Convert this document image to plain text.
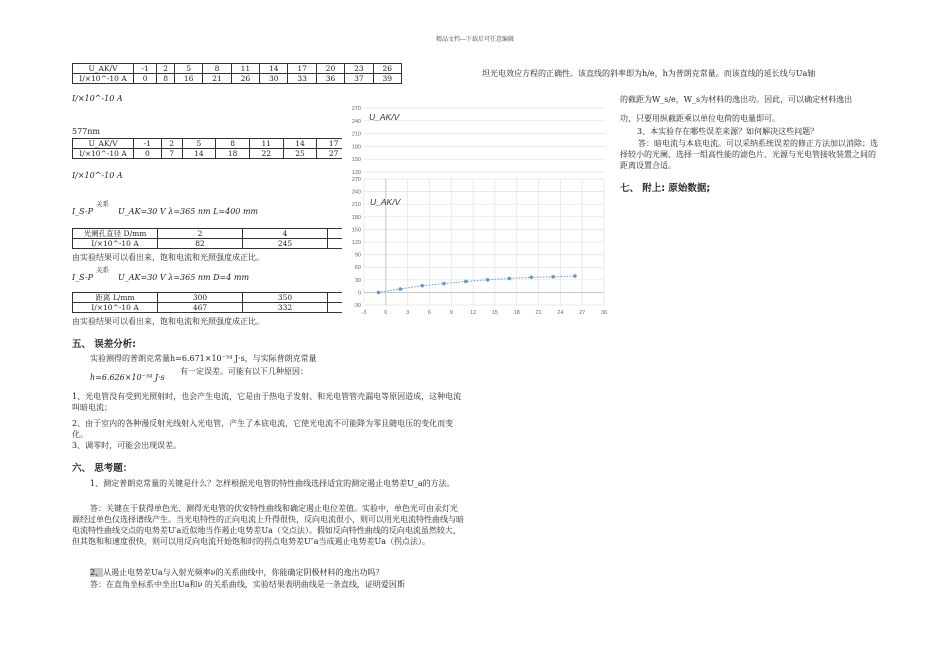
精品文档---下载后可任意编辑
U_AK/V	-1	2	5	8	11	14	17	20	23	26
I/×10^-10 A	0	8	16	21	26	30	33	36	37	39
I/×10^-10 A
577nm
U_AK/V	-1	2	5	8	11	14	17	2
I/×10^-10 A	0	7	14	18	22	25	27	2
I/×10^-10 A
I_S-P
关系
U_AK=30 V λ=365 nm L=400 mm
光阑孔直径 D/mm	2	4	
I/×10^-10 A	82	245	
由实验结果可以看出来，饱和电流和光照强度成正比。
I_S-P
关系
U_AK=30 V λ=365 nm D=4 mm
距离 L/mm	300	350	
I/×10^-10 A	467	332	
由实验结果可以看出来，饱和电流和光照强度成正比。
270
240
210
180
150
120
U_AK/V
270
240
210
180
150
120
90
60
30
0
-30
-3	0	3	6	9	12	15	18	21	24	27	30
U_AK/V
五、 误差分析:
实验测得的普朗克常量h=6.671×10⁻³⁴ J·s，与实际普朗克常量
h=6.626×10⁻³⁴ J·s
有一定误差。可能有以下几种原因：
1、光电管没有受到光照射时，也会产生电流，它是由于热电子发射、和光电管管壳漏电等原因造成，这种电流叫暗电流；
2、由于室内的各种漫反射光线射入光电管，产生了本底电流，它使光电流不可能降为零且随电压的变化而变化。
3、调零时，可能会出现误差。
六、 思考题：
1、测定普朗克常量的关键是什么？怎样根据光电管的特性曲线选择适宜的测定遏止电势差U_a的方法。
答：关键在于获得单色光、测得光电管的伏安特性曲线和确定遏止电位差值。实验中，单色光可由汞灯光源经过单色仪选择谱线产生。当光电特性的正向电流上升得很快，反向电流很小，则可以用光电流特性曲线与暗电流特性曲线交点的电势差U′a近似地当作遏止电势差Ua（交点法）。假如反向特性曲线的反向电流虽然较大，但其饱和和速度很快，则可以用反向电流开始饱和时的拐点电势差U″a当成遏止电势差Ua（拐点法）。
2、从遏止电势差Ua与入射光频率ν的关系曲线中，你能确定阴极材料的逸出功吗？
答：在直角坐标系中坐出Ua和ν 的关系曲线，实验结果表明曲线是一条直线，证明爱因斯
坦光电效应方程的正确性。该直线的斜率即为h/e，h为普朗克常量。而该直线的延长线与Ua轴
的截距为W_s/e，W_s为材料的逸出功。因此，可以确定材料逸出
功，只要用纵截距乘以单位电荷的电量即可。
3、本实验存在哪些误差来源？如何解决这些问题？
答：暗电流与本底电流。可以采纳系统误差的修正方法加以消除；选择较小的光阑、选择一组高性能的滤色片、光源与光电管接收装置之间的距离设置合适。
七、 附上: 原始数据;
